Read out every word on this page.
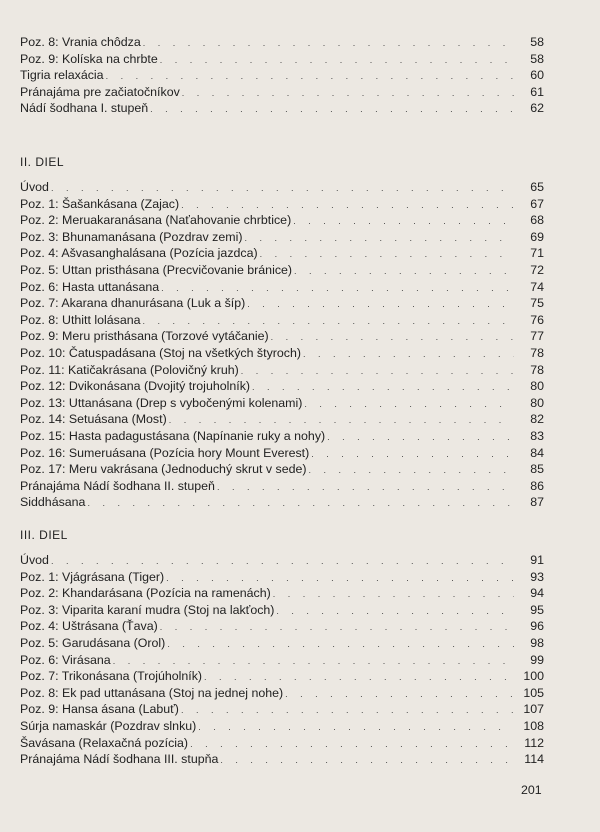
Poz. 8: Vrania chôdza . . .	58
Poz. 9: Kolíska na chrbte . . .	58
Tigria relaxácia . . .	60
Pránajáma pre začiatočníkov . . .	61
Nádí šodhana I. stupeň . . .	62
II. DIEL
Úvod . . .	65
Poz. 1: Šašankásana (Zajac) . . .	67
Poz. 2: Meruakaranásana (Naťahovanie chrbtice) . . .	68
Poz. 3: Bhunamanásana (Pozdrav zemi) . . .	69
Poz. 4: Ašvasanghalásana (Pozícia jazdca) . . .	71
Poz. 5: Uttan pristhásana (Precvičovanie bránice) . . .	72
Poz. 6: Hasta uttanásana . . .	74
Poz. 7: Akarana dhanurásana (Luk a šíp) . . .	75
Poz. 8: Uthitt lolásana . . .	76
Poz. 9: Meru pristhásana (Torzové vytáčanie) . . .	77
Poz. 10: Čatuspadásana (Stoj na všetkých štyroch) . . .	78
Poz. 11: Katičakrásana (Polovičný kruh) . . .	78
Poz. 12: Dvikonásana (Dvojitý trojuholník) . . .	80
Poz. 13: Uttanásana (Drep s vybočenými kolenami) . . .	80
Poz. 14: Setuásana (Most) . . .	82
Poz. 15: Hasta padagustásana (Napínanie ruky a nohy) . . .	83
Poz. 16: Sumeruásana (Pozícia hory Mount Everest) . . .	84
Poz. 17: Meru vakrásana (Jednoduchý skrut v sede) . . .	85
Pránajáma Nádí šodhana II. stupeň . . .	86
Siddhásana . . .	87
III. DIEL
Úvod . . .	91
Poz. 1: Vjágrásana (Tiger) . . .	93
Poz. 2: Khandarásana (Pozícia na ramenách) . . .	94
Poz. 3: Viparita karaní mudra (Stoj na lakťoch) . . .	95
Poz. 4: Uštrásana (Ťava) . . .	96
Poz. 5: Garudásana (Orol) . . .	98
Poz. 6: Virásana . . .	99
Poz. 7: Trikonásana (Trojúholník) . . .	100
Poz. 8: Ek pad uttanásana (Stoj na jednej nohe) . . .	105
Poz. 9: Hansa ásana (Labuť) . . .	107
Súrja namaskár (Pozdrav slnku) . . .	108
Šavásana (Relaxačná pozícia) . . .	112
Pránajáma Nádí šodhana III. stupňa . . .	114
201
